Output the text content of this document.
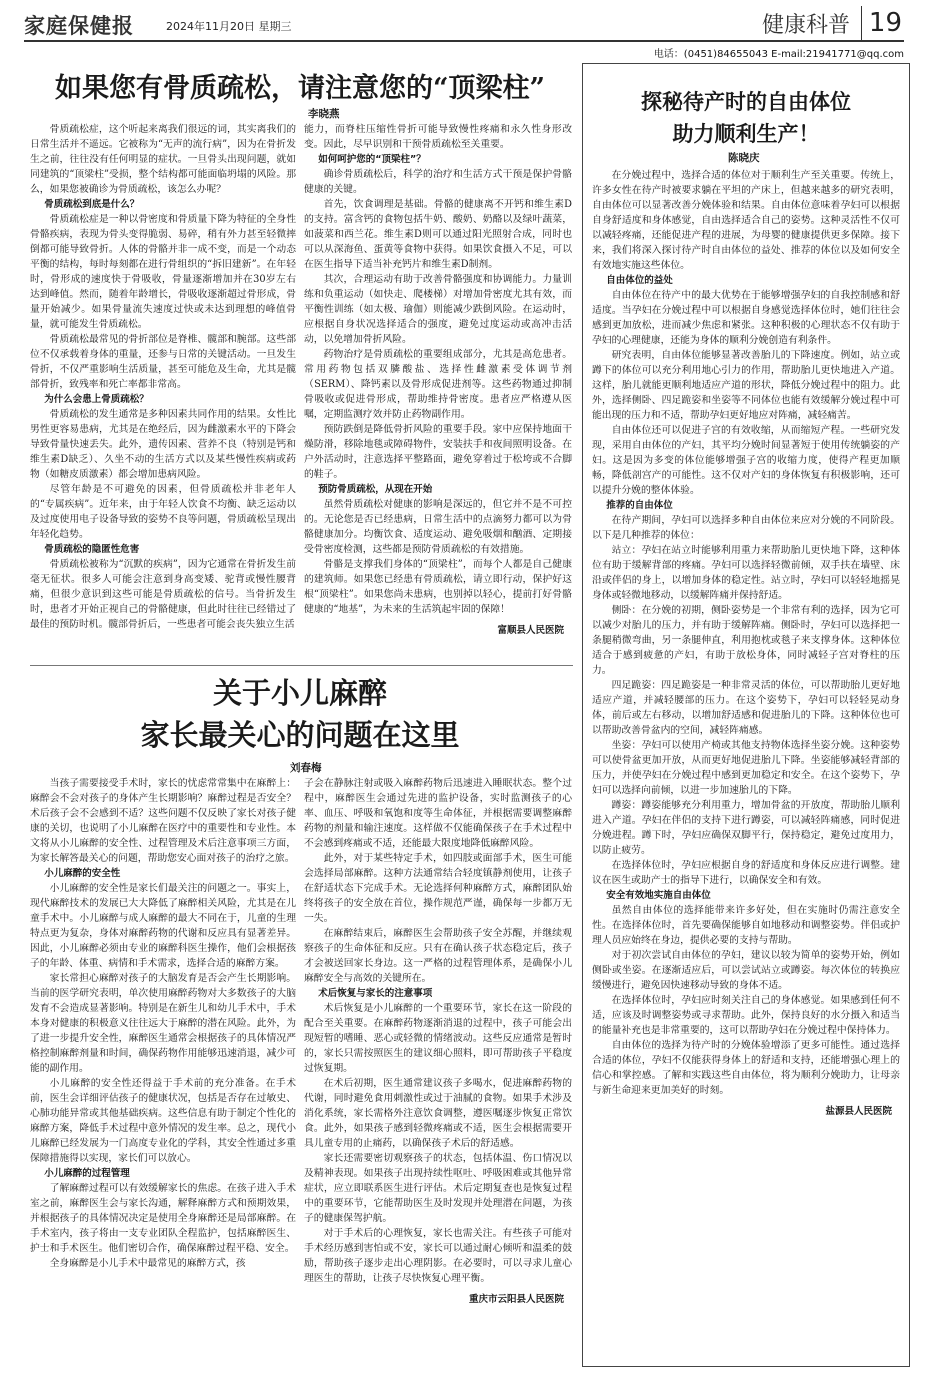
家庭保健报	2024年11月20日 星期三	健康科普 19
电话：(0451)84655043 E-mail:21941771@qq.com
如果您有骨质疏松，请注意您的“顶梁柱”
李晓燕

骨质疏松症，这个听起来离我们很远的词，其实离我们的日常生活并不遥远。它被称为“无声的流行病”，因为在骨折发生之前，往往没有任何明显的症状。一旦骨头出现问题，就如同建筑的“顶梁柱”受损，整个结构都可能面临坍塌的风险。那么，如果您被确诊为骨质疏松，该怎么办呢？

骨质疏松到底是什么？

骨质疏松症是一种以骨密度和骨质量下降为特征的全身性骨骼疾病，表现为骨头变得脆弱、易碎，稍有外力甚至轻微摔倒都可能导致骨折。人体的骨骼并非一成不变，而是一个动态平衡的结构，每时每刻都在进行骨组织的“拆旧建新”。在年轻时，骨形成的速度快于骨吸收，骨量逐渐增加并在30岁左右达到峰值。然而，随着年龄增长，骨吸收逐渐超过骨形成，骨量开始减少。如果骨量流失速度过快或未达到理想的峰值骨量，就可能发生骨质疏松。

骨质疏松最常见的骨折部位是脊椎、髋部和腕部。这些部位不仅承载着身体的重量，还参与日常的关键活动。一旦发生骨折，不仅严重影响生活质量，甚至可能危及生命，尤其是髋部骨折，致残率和死亡率都非常高。

为什么会患上骨质疏松？

骨质疏松的发生通常是多种因素共同作用的结果。女性比男性更容易患病，尤其是在绝经后，因为雌激素水平的下降会导致骨量快速丢失。此外，遗传因素、营养不良（特别是钙和维生素D缺乏）、久坐不动的生活方式以及某些慢性疾病或药物（如糖皮质激素）都会增加患病风险。

尽管年龄是不可避免的因素，但骨质疏松并非老年人的“专属疾病”。近年来，由于年轻人饮食不均衡、缺乏运动以及过度使用电子设备导致的姿势不良等问题，骨质疏松呈现出年轻化趋势。

骨质疏松的隐匿性危害

骨质疏松被称为“沉默的疾病”，因为它通常在骨折发生前毫无征状。很多人可能会注意到身高变矮、驼背或慢性腰背痛，但很少意识到这些可能是骨质疏松的信号。当骨折发生时，患者才开始正视自己的骨骼健康，但此时往往已经错过了最佳的预防时机。髋部骨折后，一些患者可能会丧失独立生活

能力，而脊柱压缩性骨折可能导致慢性疼痛和永久性身形改变。因此，尽早识别和干预骨质疏松至关重要。

如何呵护您的“顶梁柱”？

确诊骨质疏松后，科学的治疗和生活方式干预是保护骨骼健康的关键。

首先，饮食调理是基础。骨骼的健康离不开钙和维生素D的支持。富含钙的食物包括牛奶、酸奶、奶酪以及绿叶蔬菜，如菠菜和西兰花。维生素D则可以通过阳光照射合成，同时也可以从深海鱼、蛋黄等食物中获得。如果饮食摄入不足，可以在医生指导下适当补充钙片和维生素D制剂。

其次，合理运动有助于改善骨骼强度和协调能力。力量训练和负重运动（如快走、爬楼梯）对增加骨密度尤其有效，而平衡性训练（如太极、瑜伽）则能减少跌倒风险。在运动时，应根据自身状况选择适合的强度，避免过度运动或高冲击活动，以免增加骨折风险。

药物治疗是骨质疏松的重要组成部分，尤其是高危患者。常用药物包括双膦酸盐、选择性雌激素受体调节剂（SERM）、降钙素以及骨形成促进剂等。这些药物通过抑制骨吸收或促进骨形成，帮助维持骨密度。患者应严格遵从医嘱，定期监测疗效并防止药物副作用。

预防跌倒是降低骨折风险的重要手段。家中应保持地面干燥防滑，移除地毯或障碍物件，安装扶手和夜间照明设备。在户外活动时，注意选择平整路面，避免穿着过于松垮或不合脚的鞋子。

预防骨质疏松，从现在开始

虽然骨质疏松对健康的影响是深远的，但它并不是不可控的。无论您是否已经患病，日常生活中的点滴努力都可以为骨骼健康加分。均衡饮食、适度运动、避免吸烟和酗酒、定期接受骨密度检测，这些都是预防骨质疏松的有效措施。

骨骼是支撑我们身体的“顶梁柱”，而每个人都是自己健康的建筑师。如果您已经患有骨质疏松，请立即行动，保护好这根“顶梁柱”。如果您尚未患病，也别掉以轻心，提前打好骨骼健康的“地基”，为未来的生活筑起牢固的保障！

富顺县人民医院
关于小儿麻醉
家长最关心的问题在这里
刘春梅

当孩子需要接受手术时，家长的忧虑常常集中在麻醉上：麻醉会不会对孩子的身体产生长期影响？麻醉过程是否安全？术后孩子会不会感到不适？这些问题不仅反映了家长对孩子健康的关切，也说明了小儿麻醉在医疗中的重要性和专业性。本文将从小儿麻醉的安全性、过程管理及术后注意事项三方面，为家长解答最关心的问题，帮助您安心面对孩子的治疗之旅。

小儿麻醉的安全性

小儿麻醉的安全性是家长们最关注的问题之一。事实上，现代麻醉技术的发展已大大降低了麻醉相关风险，尤其是在儿童手术中。小儿麻醉与成人麻醉的最大不同在于，儿童的生理特点更为复杂，身体对麻醉药物的代谢和反应具有显著差异。因此，小儿麻醉必须由专业的麻醉科医生操作，他们会根据孩子的年龄、体重、病情和手术需求，选择合适的麻醉方案。

家长常担心麻醉对孩子的大脑发育是否会产生长期影响。当前的医学研究表明，单次使用麻醉药物对大多数孩子的大脑发育不会造成显著影响。特别是在新生儿和幼儿手术中，手术本身对健康的积极意义往往远大于麻醉的潜在风险。此外，为了进一步提升安全性，麻醉医生通常会根据孩子的具体情况严格控制麻醉剂量和时间，确保药物作用能够迅速消退，减少可能的副作用。

小儿麻醉的安全性还得益于手术前的充分准备。在手术前，医生会详细评估孩子的健康状况，包括是否存在过敏史、心肺功能异常或其他基础疾病。这些信息有助于制定个性化的麻醉方案，降低手术过程中意外情况的发生率。总之，现代小儿麻醉已经发展为一门高度专业化的学科，其安全性通过多重保障措施得以实现，家长们可以放心。

小儿麻醉的过程管理

了解麻醉过程可以有效缓解家长的焦虑。在孩子进入手术室之前，麻醉医生会与家长沟通，解释麻醉方式和预期效果，并根据孩子的具体情况决定是使用全身麻醉还是局部麻醉。在手术室内，孩子将由一支专业团队全程监护，包括麻醉医生、护士和手术医生。他们密切合作，确保麻醉过程平稳、安全。

全身麻醉是小儿手术中最常见的麻醉方式，孩

子会在静脉注射或吸入麻醉药物后迅速进入睡眠状态。整个过程中，麻醉医生会通过先进的监护设备，实时监测孩子的心率、血压、呼吸和氧饱和度等生命体征，并根据需要调整麻醉药物的剂量和输注速度。这样做不仅能确保孩子在手术过程中不会感到疼痛或不适，还能最大限度地降低麻醉风险。

此外，对于某些特定手术，如四肢或面部手术，医生可能会选择局部麻醉。这种方法通常结合轻度镇静剂使用，让孩子在舒适状态下完成手术。无论选择何种麻醉方式，麻醉团队始终将孩子的安全放在首位，操作规范严谨，确保每一步都万无一失。

在麻醉结束后，麻醉医生会帮助孩子安全苏醒，并继续观察孩子的生命体征和反应。只有在确认孩子状态稳定后，孩子才会被送回家长身边。这一严格的过程管理体系，是确保小儿麻醉安全与高效的关键所在。

术后恢复与家长的注意事项

术后恢复是小儿麻醉的一个重要环节，家长在这一阶段的配合至关重要。在麻醉药物逐渐消退的过程中，孩子可能会出现短暂的嗜睡、恶心或轻微的情绪波动。这些反应通常是暂时的，家长只需按照医生的建议细心照料，即可帮助孩子平稳度过恢复期。

在术后初期，医生通常建议孩子多喝水，促进麻醉药物的代谢，同时避免食用刺激性或过于油腻的食物。如果手术涉及消化系统，家长需格外注意饮食调整，遵医嘱逐步恢复正常饮食。此外，如果孩子感到轻微疼痛或不适，医生会根据需要开具儿童专用的止痛药，以确保孩子术后的舒适感。

家长还需要密切观察孩子的状态，包括体温、伤口情况以及精神表现。如果孩子出现持续性呕吐、呼吸困难或其他异常症状，应立即联系医生进行评估。术后定期复查也是恢复过程中的重要环节，它能帮助医生及时发现并处理潜在问题，为孩子的健康保驾护航。

对于手术后的心理恢复，家长也需关注。有些孩子可能对手术经历感到害怕或不安，家长可以通过耐心倾听和温柔的鼓励，帮助孩子逐步走出心理阴影。在必要时，可以寻求儿童心理医生的帮助，让孩子尽快恢复心理平衡。

重庆市云阳县人民医院
探秘待产时的自由体位
助力顺利生产！
陈晓庆

在分娩过程中，选择合适的体位对于顺利生产至关重要。传统上，许多女性在待产时被要求躺在平坦的产床上，但越来越多的研究表明，自由体位可以显著改善分娩体验和结果。自由体位意味着孕妇可以根据自身舒适度和身体感觉，自由选择适合自己的姿势。这种灵活性不仅可以减轻疼痛，还能促进产程的进展，为母婴的健康提供更多保障。接下来，我们将深入探讨待产时自由体位的益处、推荐的体位以及如何安全有效地实施这些体位。

自由体位的益处

自由体位在待产中的最大优势在于能够增强孕妇的自我控制感和舒适度。当孕妇在分娩过程中可以根据自身感觉选择体位时，她们往往会感到更加放松，进而减少焦虑和紧张。这种积极的心理状态不仅有助于孕妇的心理健康，还能为身体的顺利分娩创造有利条件。

研究表明，自由体位能够显著改善胎儿的下降速度。例如，站立或蹲下的体位可以充分利用地心引力的作用，帮助胎儿更快地进入产道。这样，胎儿就能更顺利地适应产道的形状，降低分娩过程中的阻力。此外，选择侧卧、四足跪姿和坐姿等不同体位也能有效缓解分娩过程中可能出现的压力和不适，帮助孕妇更好地应对阵痛，减轻痛苦。

自由体位还可以促进子宫的有效收缩，从而缩短产程。一些研究发现，采用自由体位的产妇，其平均分娩时间显著短于使用传统躺姿的产妇。这是因为多变的体位能够增强子宫的收缩力度，使得产程更加顺畅，降低剖宫产的可能性。这不仅对产妇的身体恢复有积极影响，还可以提升分娩的整体体验。

推荐的自由体位

在待产期间，孕妇可以选择多种自由体位来应对分娩的不同阶段。以下是几种推荐的体位：

站立：孕妇在站立时能够利用重力来帮助胎儿更快地下降，这种体位有助于缓解背部的疼痛。孕妇可以选择轻微前倾，双手扶在墙壁、床沿或伴侣的身上，以增加身体的稳定性。站立时，孕妇可以轻轻地摇晃身体或轻微地移动，以缓解阵痛并保持舒适。

侧卧：在分娩的初期，侧卧姿势是一个非常有利的选择，因为它可以减少对胎儿的压力，并有助于缓解阵痛。侧卧时，孕妇可以选择把一条腿稍微弯曲，另一条腿伸直，利用抱枕或毯子来支撑身体。这种体位适合于感到疲惫的产妇，有助于放松身体，同时减轻子宫对脊柱的压力。

四足跪姿：四足跪姿是一种非常灵活的体位，可以帮助胎儿更好地适应产道，并减轻腰部的压力。在这个姿势下，孕妇可以轻轻晃动身体，前后或左右移动，以增加舒适感和促进胎儿的下降。这种体位也可以帮助改善骨盆内的空间，减轻阵痛感。

坐姿：孕妇可以使用产椅或其他支持物体选择坐姿分娩。这种姿势可以使骨盆更加开放，从而更好地促进胎儿下降。坐姿能够减轻背部的压力，并使孕妇在分娩过程中感到更加稳定和安全。在这个姿势下，孕妇可以选择向前倾，以进一步加速胎儿的下降。

蹲姿：蹲姿能够充分利用重力，增加骨盆的开放度，帮助胎儿顺利进入产道。孕妇在伴侣的支持下进行蹲姿，可以减轻阵痛感，同时促进分娩进程。蹲下时，孕妇应确保双脚平行，保持稳定，避免过度用力，以防止疲劳。

在选择体位时，孕妇应根据自身的舒适度和身体反应进行调整。建议在医生或助产士的指导下进行，以确保安全和有效。

安全有效地实施自由体位

虽然自由体位的选择能带来许多好处，但在实施时仍需注意安全性。在选择体位时，首先要确保能够自如地移动和调整姿势。伴侣或护理人员应始终在身边，提供必要的支持与帮助。

对于初次尝试自由体位的孕妇，建议以较为简单的姿势开始，例如侧卧或坐姿。在逐渐适应后，可以尝试站立或蹲姿。每次体位的转换应缓慢进行，避免因快速移动导致的身体不适。

在选择体位时，孕妇应时刻关注自己的身体感觉。如果感到任何不适，应该及时调整姿势或寻求帮助。此外，保持良好的水分摄入和适当的能量补充也是非常重要的，这可以帮助孕妇在分娩过程中保持体力。

自由体位的选择为待产时的分娩体验增添了更多可能性。通过选择合适的体位，孕妇不仅能获得身体上的舒适和支持，还能增强心理上的信心和掌控感。了解和实践这些自由体位，将为顺利分娩助力，让母亲与新生命迎来更加美好的时刻。

盐源县人民医院
